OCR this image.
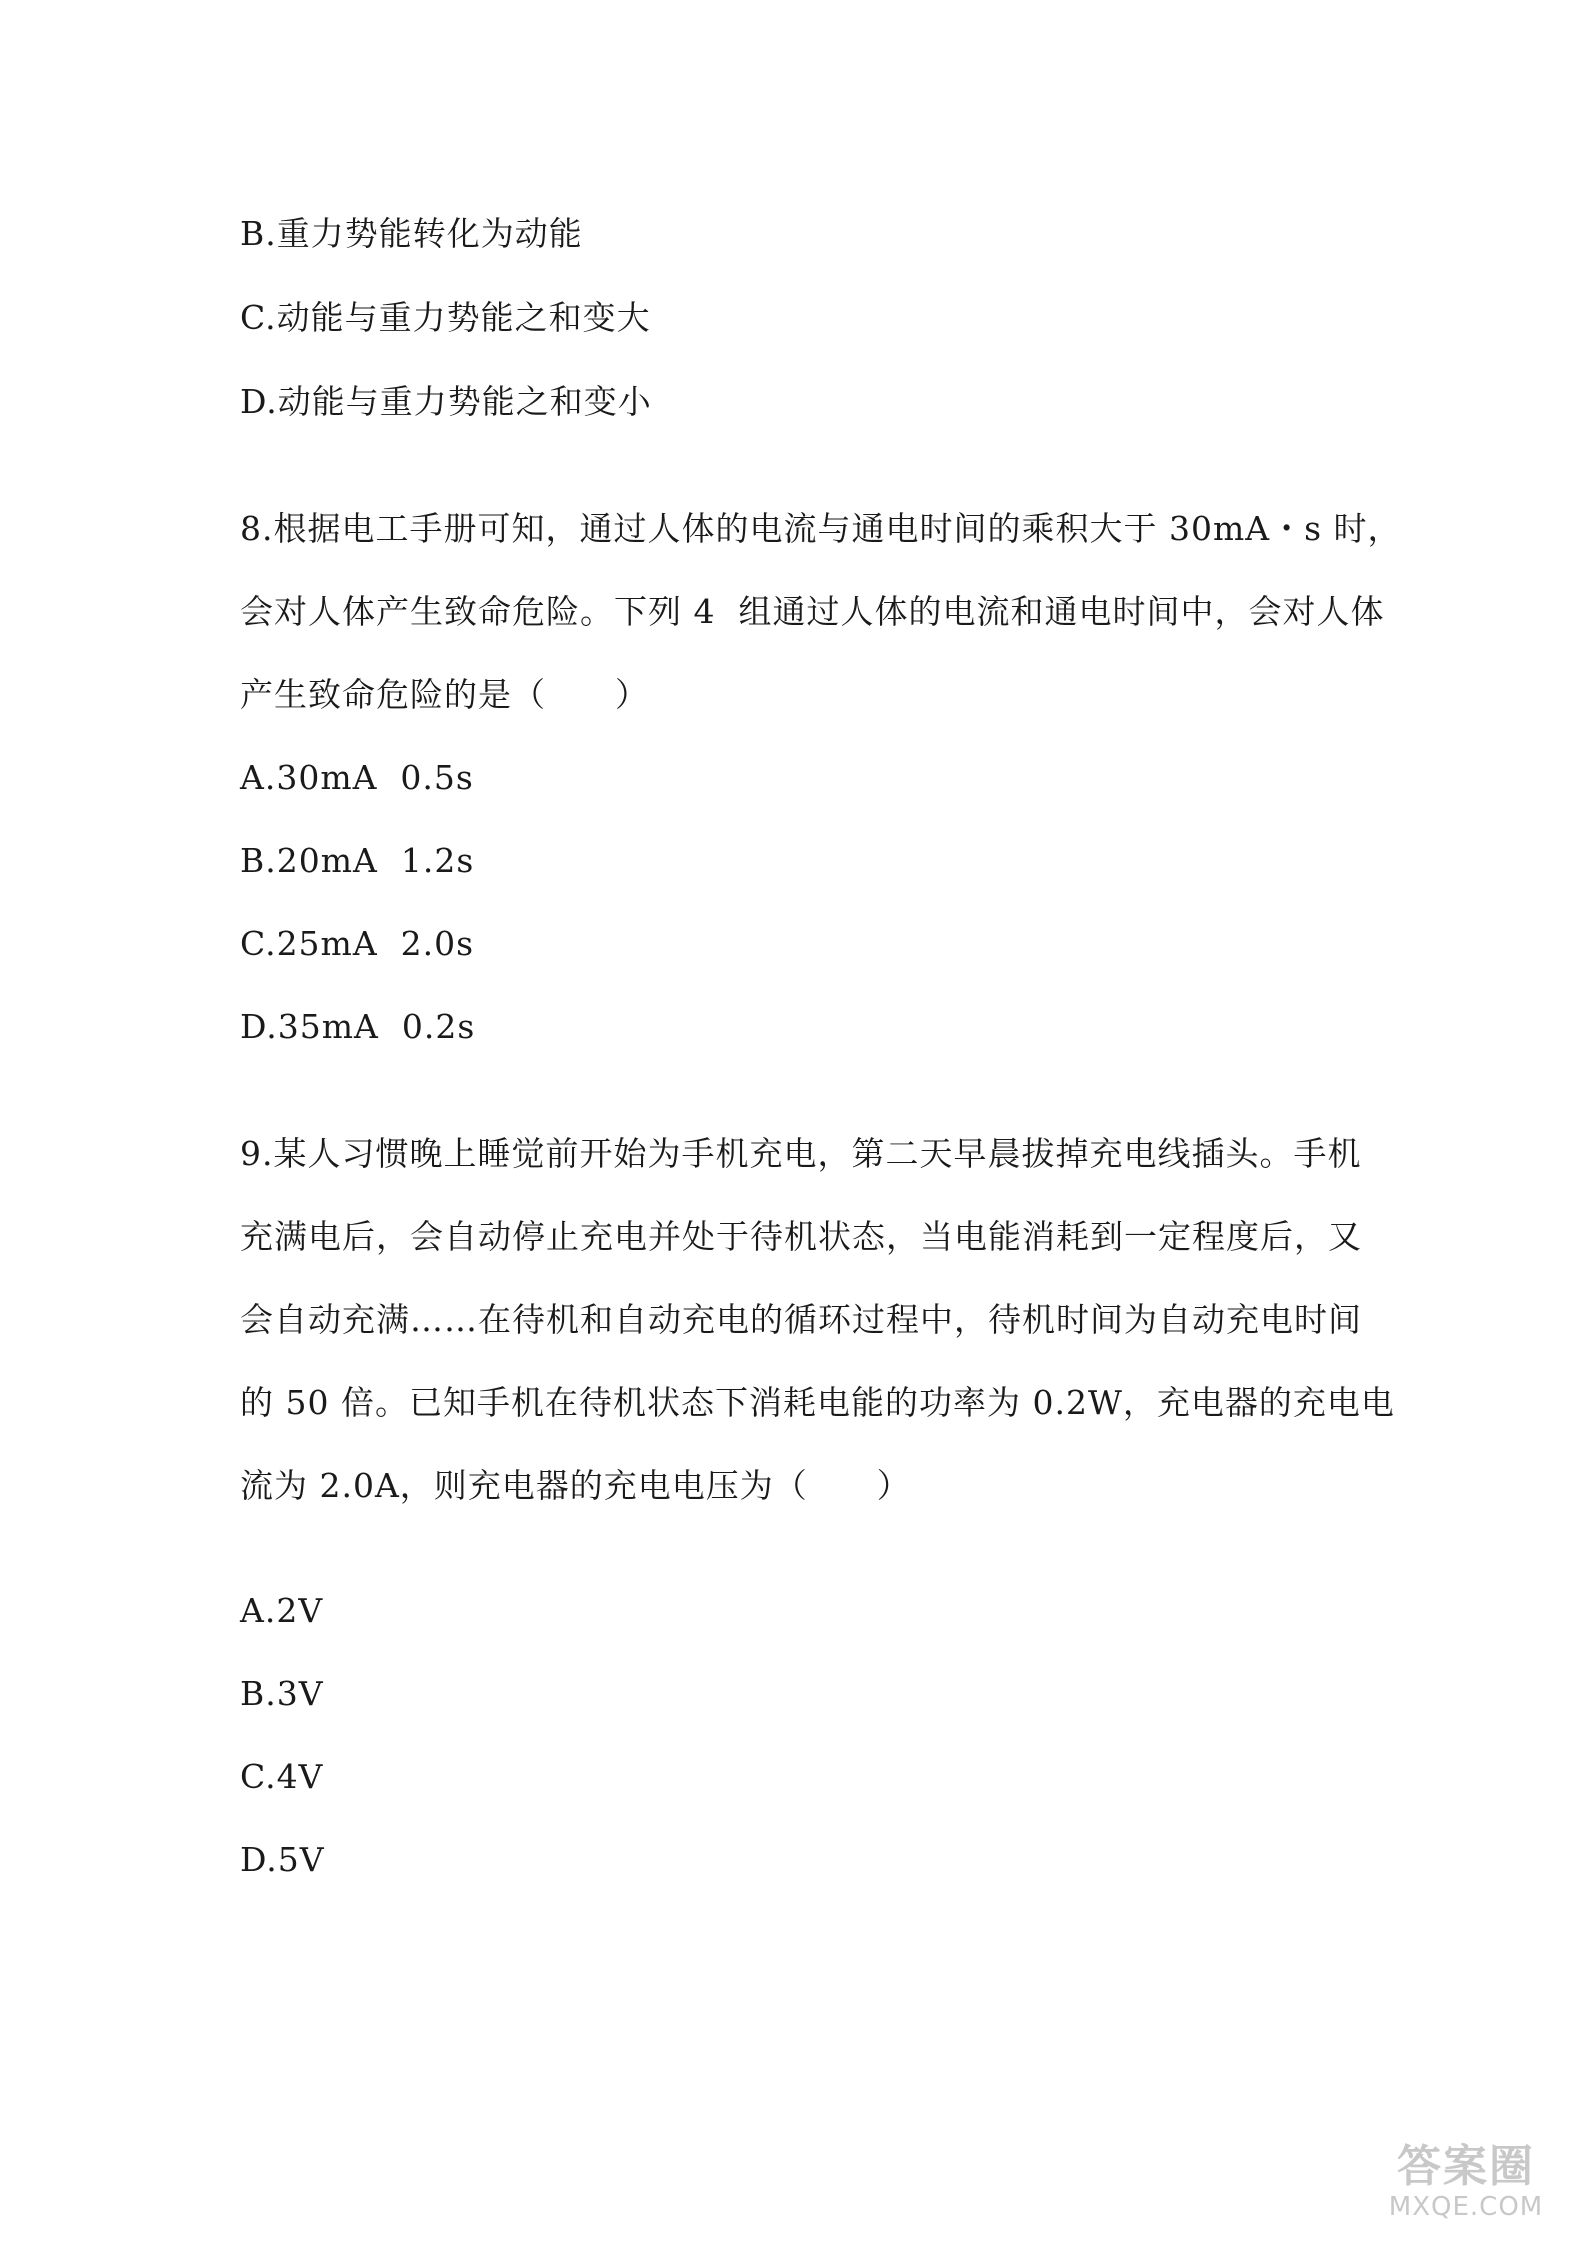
B.重力势能转化为动能
C.动能与重力势能之和变大
D.动能与重力势能之和变小
8.根据电工手册可知，通过人体的电流与通电时间的乘积大于 30mA・s 时，
会对人体产生致命危险。下列 4  组通过人体的电流和通电时间中，会对人体
产生致命危险的是（      ）
A.30mA  0.5s
B.20mA  1.2s
C.25mA  2.0s
D.35mA  0.2s
9.某人习惯晚上睡觉前开始为手机充电，第二天早晨拔掉充电线插头。手机
充满电后，会自动停止充电并处于待机状态，当电能消耗到一定程度后，又
会自动充满……在待机和自动充电的循环过程中，待机时间为自动充电时间
的 50 倍。已知手机在待机状态下消耗电能的功率为 0.2W，充电器的充电电
流为 2.0A，则充电器的充电电压为（      ）
A.2V
B.3V
C.4V
D.5V
答案圈
MXQE.COM
